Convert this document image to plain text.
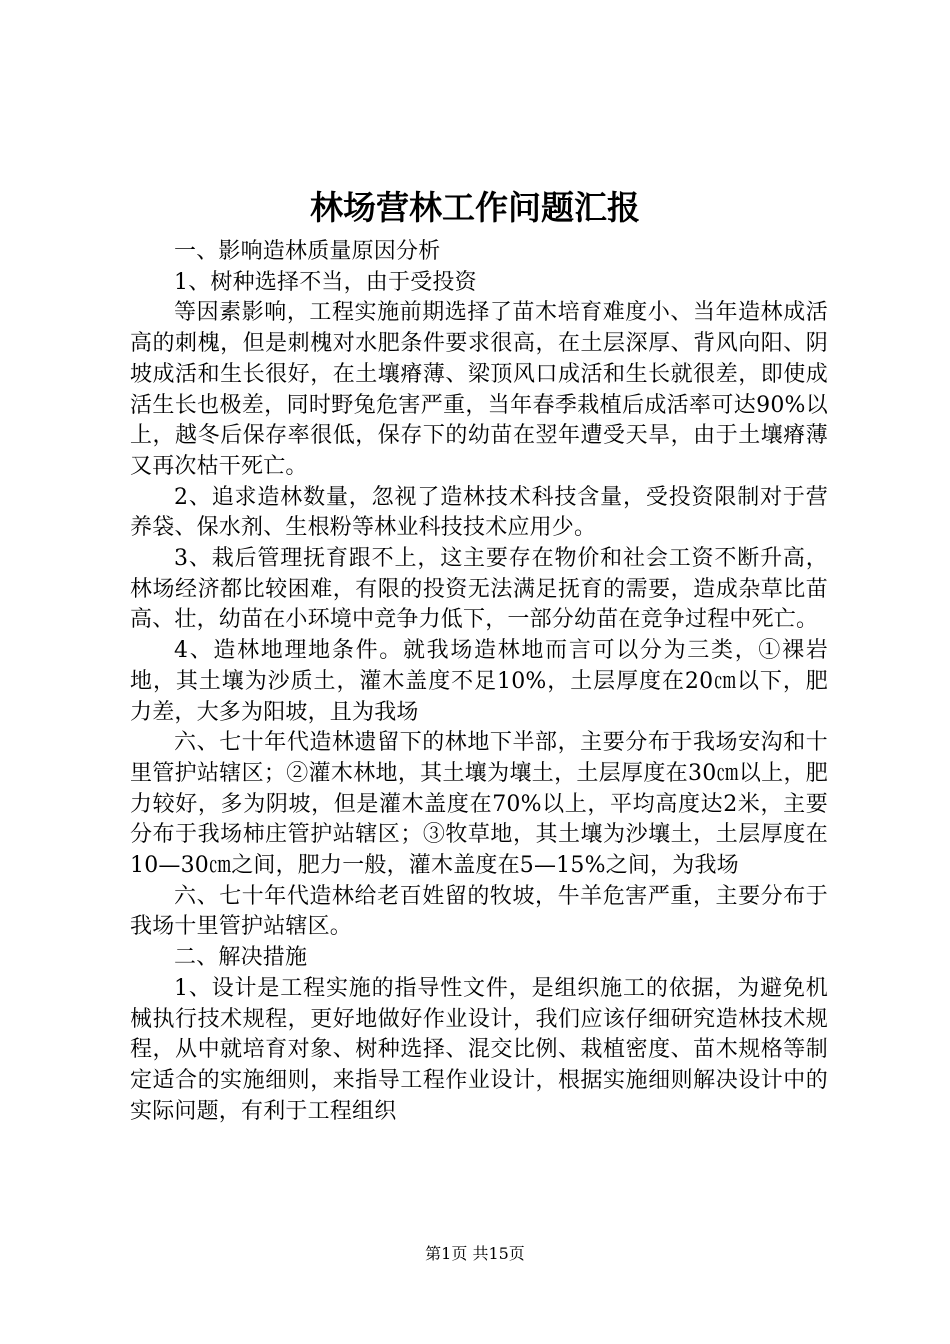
林场营林工作问题汇报

一、影响造林质量原因分析

1、树种选择不当，由于受投资

等因素影响，工程实施前期选择了苗木培育难度小、当年造林成活高的刺槐，但是刺槐对水肥条件要求很高，在土层深厚、背风向阳、阴坡成活和生长很好，在土壤瘠薄、梁顶风口成活和生长就很差，即使成活生长也极差，同时野兔危害严重，当年春季栽植后成活率可达90%以上，越冬后保存率很低，保存下的幼苗在翌年遭受天旱，由于土壤瘠薄又再次枯干死亡。

2、追求造林数量，忽视了造林技术科技含量，受投资限制对于营养袋、保水剂、生根粉等林业科技技术应用少。

3、栽后管理抚育跟不上，这主要存在物价和社会工资不断升高，林场经济都比较困难，有限的投资无法满足抚育的需要，造成杂草比苗高、壮，幼苗在小环境中竞争力低下，一部分幼苗在竞争过程中死亡。

4、造林地理地条件。就我场造林地而言可以分为三类，①裸岩地，其土壤为沙质土，灌木盖度不足10%，土层厚度在20㎝以下，肥力差，大多为阳坡，且为我场

六、七十年代造林遗留下的林地下半部，主要分布于我场安沟和十里管护站辖区；②灌木林地，其土壤为壤土，土层厚度在30㎝以上，肥力较好，多为阴坡，但是灌木盖度在70%以上，平均高度达2米，主要分布于我场柿庄管护站辖区；③牧草地，其土壤为沙壤土，土层厚度在10—30㎝之间，肥力一般，灌木盖度在5—15%之间，为我场

六、七十年代造林给老百姓留的牧坡，牛羊危害严重，主要分布于我场十里管护站辖区。

二、解决措施

1、设计是工程实施的指导性文件，是组织施工的依据，为避免机械执行技术规程，更好地做好作业设计，我们应该仔细研究造林技术规程，从中就培育对象、树种选择、混交比例、栽植密度、苗木规格等制定适合的实施细则，来指导工程作业设计，根据实施细则解决设计中的实际问题，有利于工程组织

第1页 共15页
